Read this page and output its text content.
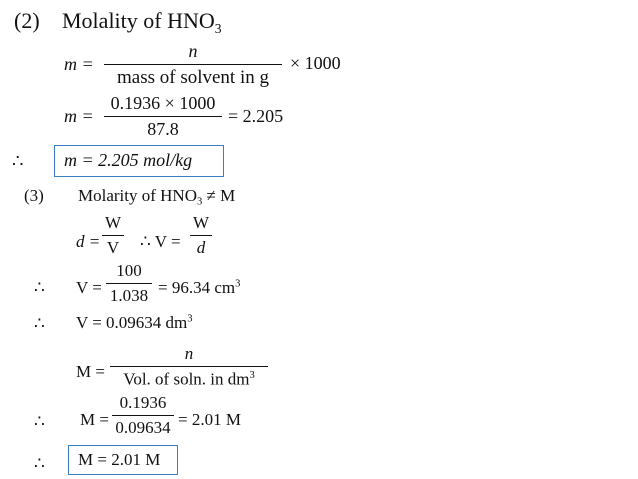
(2) Molality of $HNO_3$
m =
n
mass of solvent in g
× 1000
m =
0.1936 × 1000
87.8
= 2.205
∴ m = 2.205 mol/kg
(3) Molarity of $HNO_3 \ne M$
d =
W
V ∴ V =
W
d
∴ V =
100
1.038 = 96.34 $cm^3$
∴ V = 0.09634 $dm^3$
M =
n
Vol. of soln. in $dm^3$
∴ M =
0.1936
0.09634 = 2.01 M
∴ M = 2.01 M
